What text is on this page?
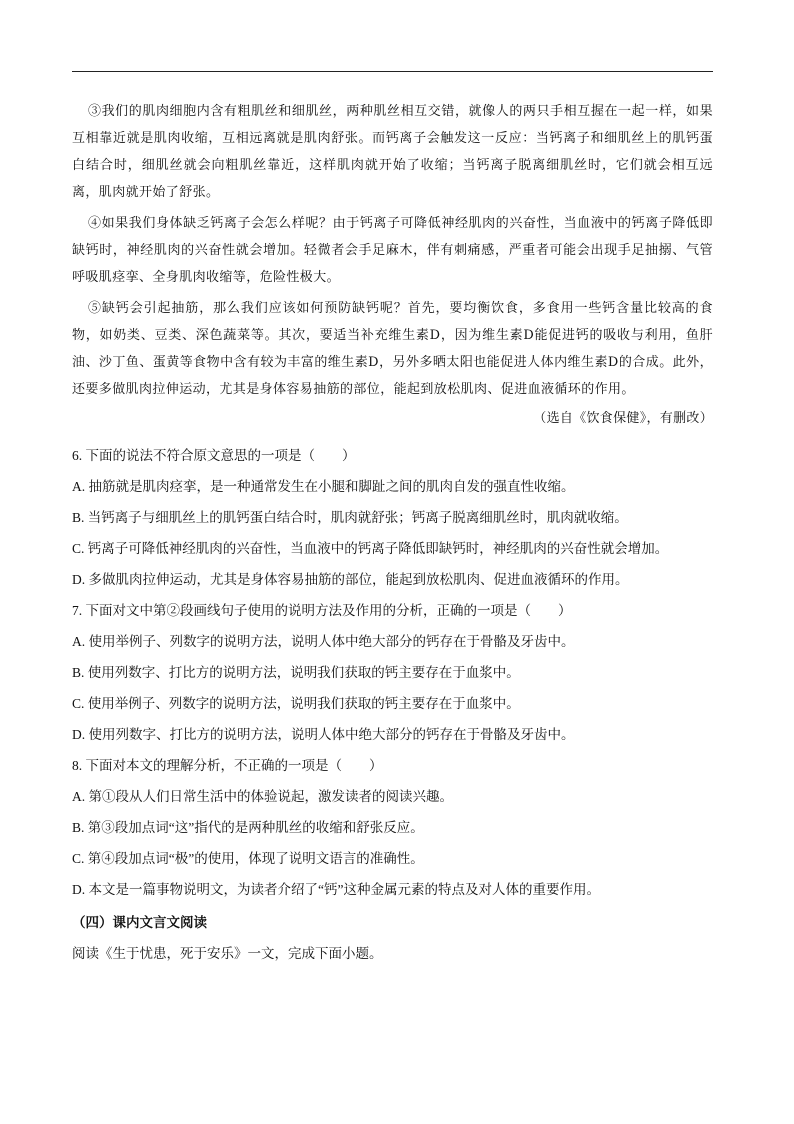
③我们的肌肉细胞内含有粗肌丝和细肌丝，两种肌丝相互交错，就像人的两只手相互握在一起一样，如果互相靠近就是肌肉收缩，互相远离就是肌肉舒张。而钙离子会触发这一反应：当钙离子和细肌丝上的肌钙蛋白结合时，细肌丝就会向粗肌丝靠近，这样肌肉就开始了收缩；当钙离子脱离细肌丝时，它们就会相互远离，肌肉就开始了舒张。

④如果我们身体缺乏钙离子会怎么样呢？由于钙离子可降低神经肌肉的兴奋性，当血液中的钙离子降低即缺钙时，神经肌肉的兴奋性就会增加。轻微者会手足麻木，伴有刺痛感，严重者可能会出现手足抽搦、气管呼吸肌痉挛、全身肌肉收缩等，危险性极大。

⑤缺钙会引起抽筋，那么我们应该如何预防缺钙呢？首先，要均衡饮食，多食用一些钙含量比较高的食物，如奶类、豆类、深色蔬菜等。其次，要适当补充维生素D，因为维生素D能促进钙的吸收与利用，鱼肝油、沙丁鱼、蛋黄等食物中含有较为丰富的维生素D，另外多晒太阳也能促进人体内维生素D的合成。此外，还要多做肌肉拉伸运动，尤其是身体容易抽筋的部位，能起到放松肌肉、促进血液循环的作用。

（选自《饮食保健》，有删改）

6. 下面的说法不符合原文意思的一项是（　　）

A. 抽筋就是肌肉痉挛，是一种通常发生在小腿和脚趾之间的肌肉自发的强直性收缩。

B. 当钙离子与细肌丝上的肌钙蛋白结合时，肌肉就舒张；钙离子脱离细肌丝时，肌肉就收缩。

C. 钙离子可降低神经肌肉的兴奋性，当血液中的钙离子降低即缺钙时，神经肌肉的兴奋性就会增加。

D. 多做肌肉拉伸运动，尤其是身体容易抽筋的部位，能起到放松肌肉、促进血液循环的作用。

7. 下面对文中第②段画线句子使用的说明方法及作用的分析，正确的一项是（　　）

A. 使用举例子、列数字的说明方法，说明人体中绝大部分的钙存在于骨骼及牙齿中。

B. 使用列数字、打比方的说明方法，说明我们获取的钙主要存在于血浆中。

C. 使用举例子、列数字的说明方法，说明我们获取的钙主要存在于血浆中。

D. 使用列数字、打比方的说明方法，说明人体中绝大部分的钙存在于骨骼及牙齿中。

8. 下面对本文的理解分析，不正确的一项是（　　）

A. 第①段从人们日常生活中的体验说起，激发读者的阅读兴趣。

B. 第③段加点词“这”指代的是两种肌丝的收缩和舒张反应。

C. 第④段加点词“极”的使用，体现了说明文语言的准确性。

D. 本文是一篇事物说明文，为读者介绍了“钙”这种金属元素的特点及对人体的重要作用。

（四）课内文言文阅读

阅读《生于忧患，死于安乐》一文，完成下面小题。
